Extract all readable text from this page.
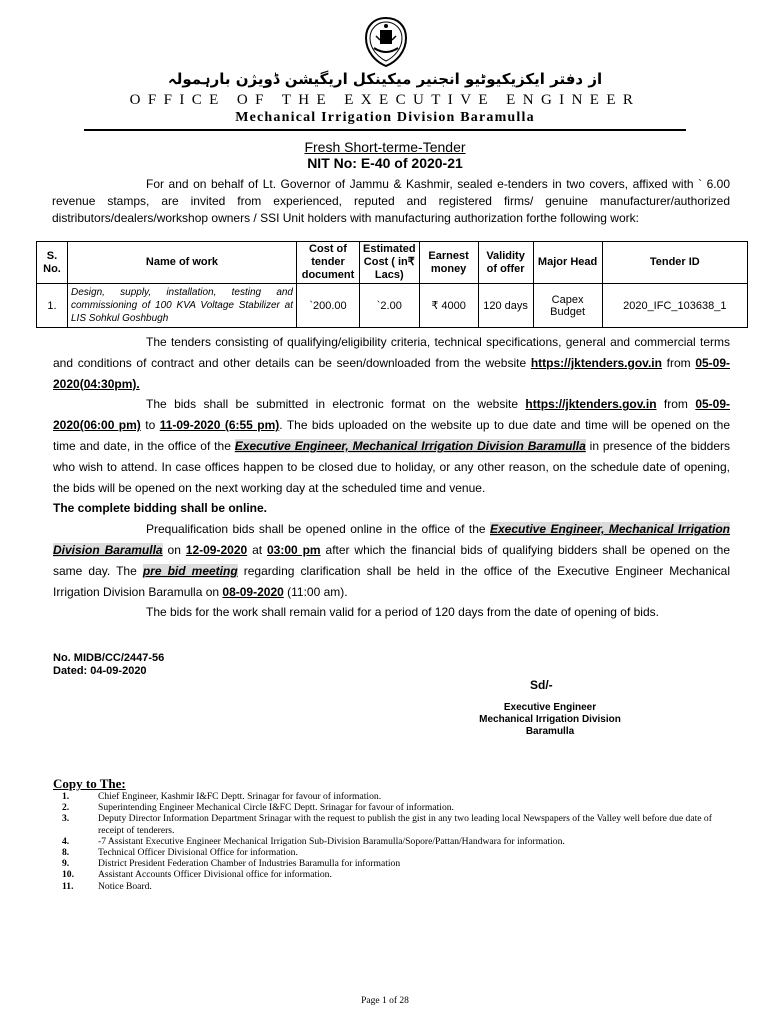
از دفتر ایکزیکیوٹیو انجنیر میکینکل اریگیشن ڈویژن بارہمولہ
OFFICE OF THE EXECUTIVE ENGINEER
Mechanical Irrigation Division Baramulla
Fresh Short-terme-Tender
NIT No: E-40 of 2020-21

For and on behalf of Lt. Governor of Jammu & Kashmir, sealed e-tenders in two covers, affixed with ` 6.00 revenue stamps, are invited from experienced, reputed and registered firms/ genuine manufacturer/authorized distributors/dealers/workshop owners / SSI Unit holders with manufacturing authorization forthe following work:

S. No.	Name of work	Cost of tender document	Estimated Cost ( in₹ Lacs)	Earnest money	Validity of offer	Major Head	Tender ID
1.	Design, supply, installation, testing and commissioning of 100 KVA Voltage Stabilizer at LIS Sohkul Goshbugh	`200.00	`2.00	₹ 4000	120 days	Capex Budget	2020_IFC_103638_1

The tenders consisting of qualifying/eligibility criteria, technical specifications, general and commercial terms and conditions of contract and other details can be seen/downloaded from the website https://jktenders.gov.in from 05-09-2020(04:30pm).

The bids shall be submitted in electronic format on the website https://jktenders.gov.in from 05-09-2020(06:00 pm) to 11-09-2020 (6:55 pm). The bids uploaded on the website up to due date and time will be opened on the time and date, in the office of the Executive Engineer, Mechanical Irrigation Division Baramulla in presence of the bidders who wish to attend. In case offices happen to be closed due to holiday, or any other reason, on the schedule date of opening, the bids will be opened on the next working day at the scheduled time and venue.

The complete bidding shall be online.

Prequalification bids shall be opened online in the office of the Executive Engineer, Mechanical Irrigation Division Baramulla on 12-09-2020 at 03:00 pm after which the financial bids of qualifying bidders shall be opened on the same day. The pre bid meeting regarding clarification shall be held in the office of the Executive Engineer Mechanical Irrigation Division Baramulla on 08-09-2020 (11:00 am).

The bids for the work shall remain valid for a period of 120 days from the date of opening of bids.

No. MIDB/CC/2447-56
Dated: 04-09-2020
Sd/-
Executive Engineer
Mechanical Irrigation Division
Baramulla
Copy to The:
1.	Chief Engineer, Kashmir I&FC Deptt. Srinagar for favour of information.
2.	Superintending Engineer Mechanical Circle I&FC Deptt. Srinagar for favour of information.
3.	Deputy Director Information Department Srinagar with the request to publish the gist in any two leading local Newspapers of the Valley well before due date of receipt of tenderers.
4.	-7 Assistant Executive Engineer Mechanical Irrigation Sub-Division Baramulla/Sopore/Pattan/Handwara for information.
8.	Technical Officer Divisional Office for information.
9.	District President Federation Chamber of Industries Baramulla for information
10.	Assistant Accounts Officer Divisional office for information.
11.	Notice Board.
Page 1 of 28
